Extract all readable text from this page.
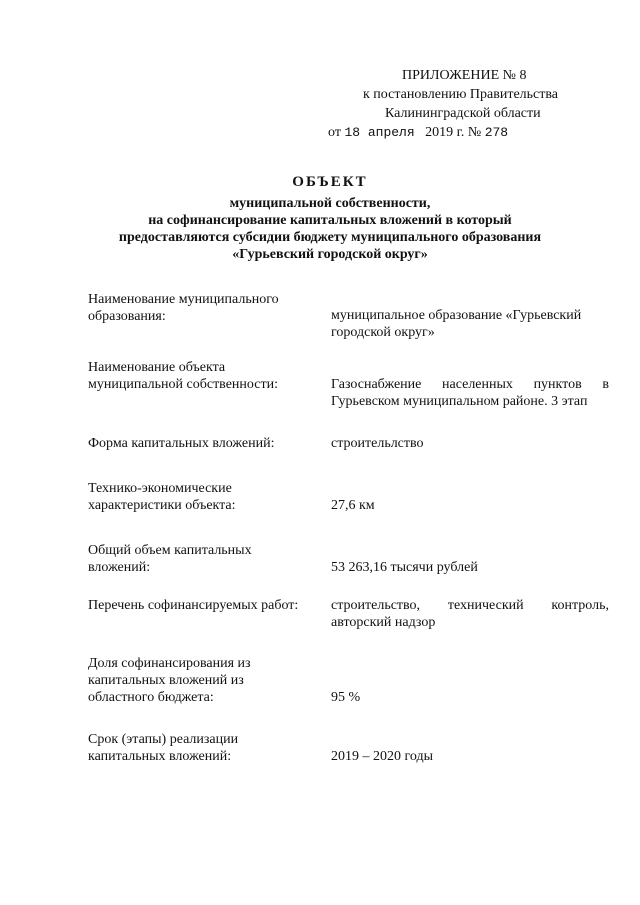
ПРИЛОЖЕНИЕ № 8
к постановлению Правительства
Калининградской области
от 18 апреля 2019 г. № 278
ОБЪЕКТ
муниципальной собственности,
на софинансирование капитальных вложений в который
предоставляются субсидии бюджету муниципального образования
«Гурьевский городской округ»
Наименование муниципального образования:	муниципальное образование «Гурьевский городской округ»
Наименование объекта муниципальной собственности:	Газоснабжение населенных пунктов в Гурьевском муниципальном районе. 3 этап
Форма капитальных вложений:	строительлство
Технико-экономические характеристики объекта:	27,6 км
Общий объем капитальных вложений:	53 263,16 тысячи рублей
Перечень софинансируемых работ:	строительство, технический контроль, авторский надзор
Доля софинансирования из капитальных вложений из областного бюджета:	95 %
Срок (этапы) реализации капитальных вложений:	2019 – 2020 годы
